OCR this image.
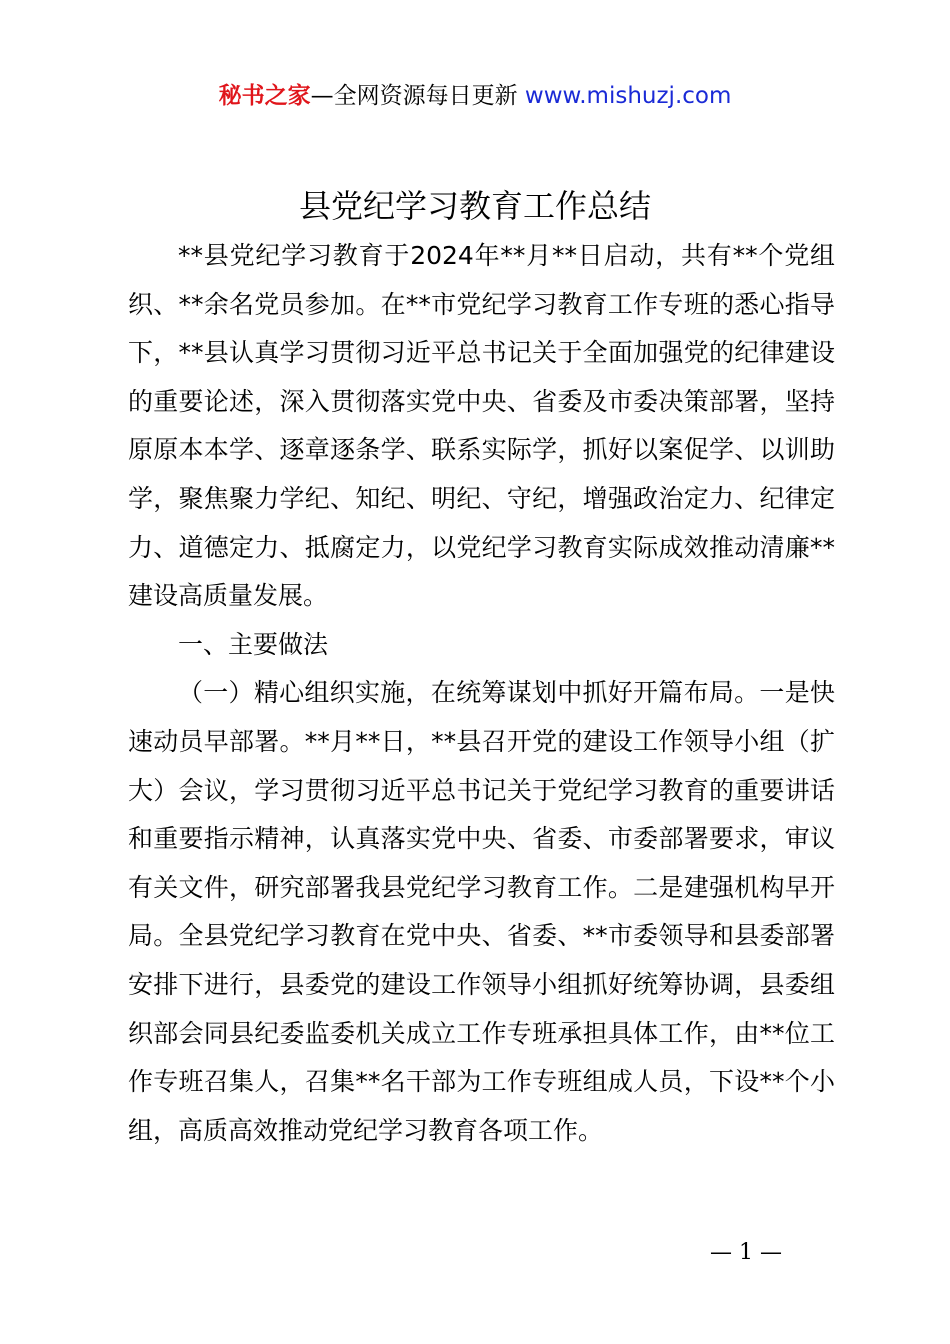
秘书之家—全网资源每日更新 www.mishuzj.com
县党纪学习教育工作总结

**县党纪学习教育于2024年**月**日启动，共有**个党组织、**余名党员参加。在**市党纪学习教育工作专班的悉心指导下，**县认真学习贯彻习近平总书记关于全面加强党的纪律建设的重要论述，深入贯彻落实党中央、省委及市委决策部署，坚持原原本本学、逐章逐条学、联系实际学，抓好以案促学、以训助学，聚焦聚力学纪、知纪、明纪、守纪，增强政治定力、纪律定力、道德定力、抵腐定力，以党纪学习教育实际成效推动清廉**建设高质量发展。

一、主要做法

（一）精心组织实施，在统筹谋划中抓好开篇布局。一是快速动员早部署。**月**日，**县召开党的建设工作领导小组（扩大）会议，学习贯彻习近平总书记关于党纪学习教育的重要讲话和重要指示精神，认真落实党中央、省委、市委部署要求，审议有关文件，研究部署我县党纪学习教育工作。二是建强机构早开局。全县党纪学习教育在党中央、省委、**市委领导和县委部署安排下进行，县委党的建设工作领导小组抓好统筹协调，县委组织部会同县纪委监委机关成立工作专班承担具体工作，由**位工作专班召集人，召集**名干部为工作专班组成人员，下设**个小组，高质高效推动党纪学习教育各项工作。

— 1 —
